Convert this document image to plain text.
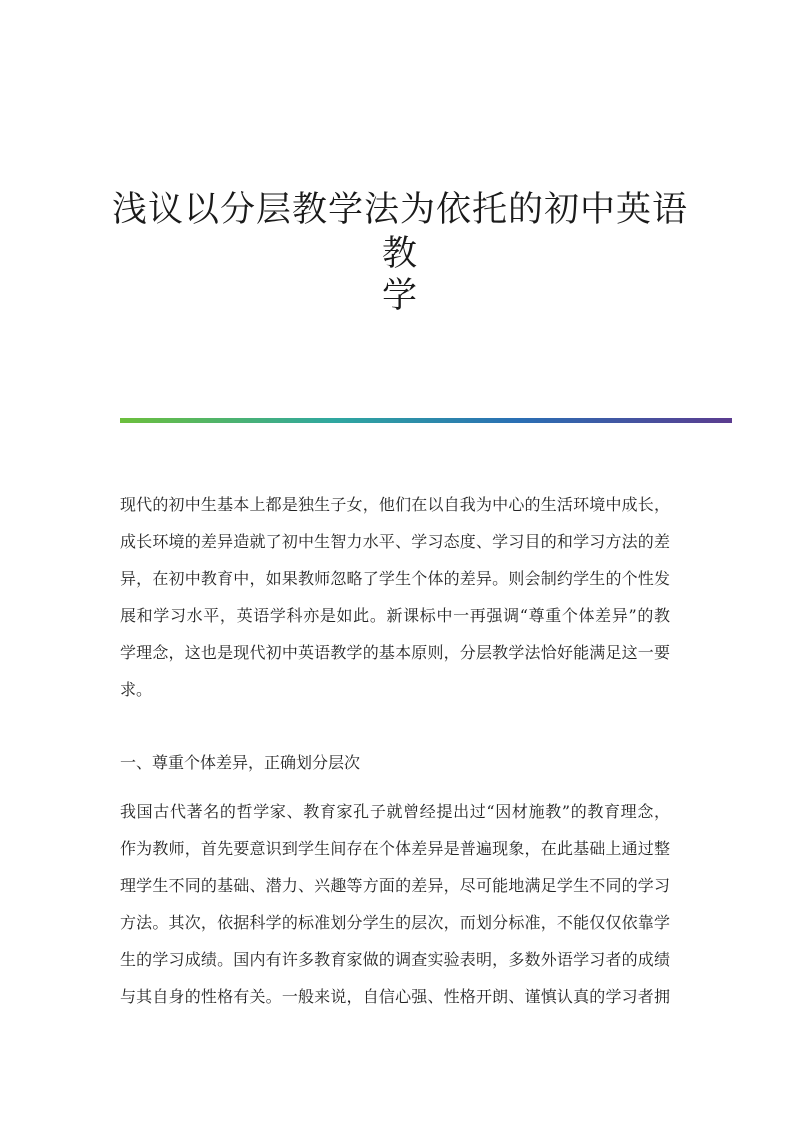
浅议以分层教学法为依托的初中英语教
学
现代的初中生基本上都是独生子女，他们在以自我为中心的生活环境中成长，
成长环境的差异造就了初中生智力水平、学习态度、学习目的和学习方法的差
异，在初中教育中，如果教师忽略了学生个体的差异。则会制约学生的个性发
展和学习水平，英语学科亦是如此。新课标中一再强调“尊重个体差异”的教
学理念，这也是现代初中英语教学的基本原则，分层教学法恰好能满足这一要
求。
一、尊重个体差异，正确划分层次
我国古代著名的哲学家、教育家孔子就曾经提出过“因材施教”的教育理念，
作为教师，首先要意识到学生间存在个体差异是普遍现象，在此基础上通过整
理学生不同的基础、潜力、兴趣等方面的差异，尽可能地满足学生不同的学习
方法。其次，依据科学的标准划分学生的层次，而划分标准，不能仅仅依靠学
生的学习成绩。国内有许多教育家做的调查实验表明，多数外语学习者的成绩
与其自身的性格有关。一般来说，自信心强、性格开朗、谨慎认真的学习者拥
